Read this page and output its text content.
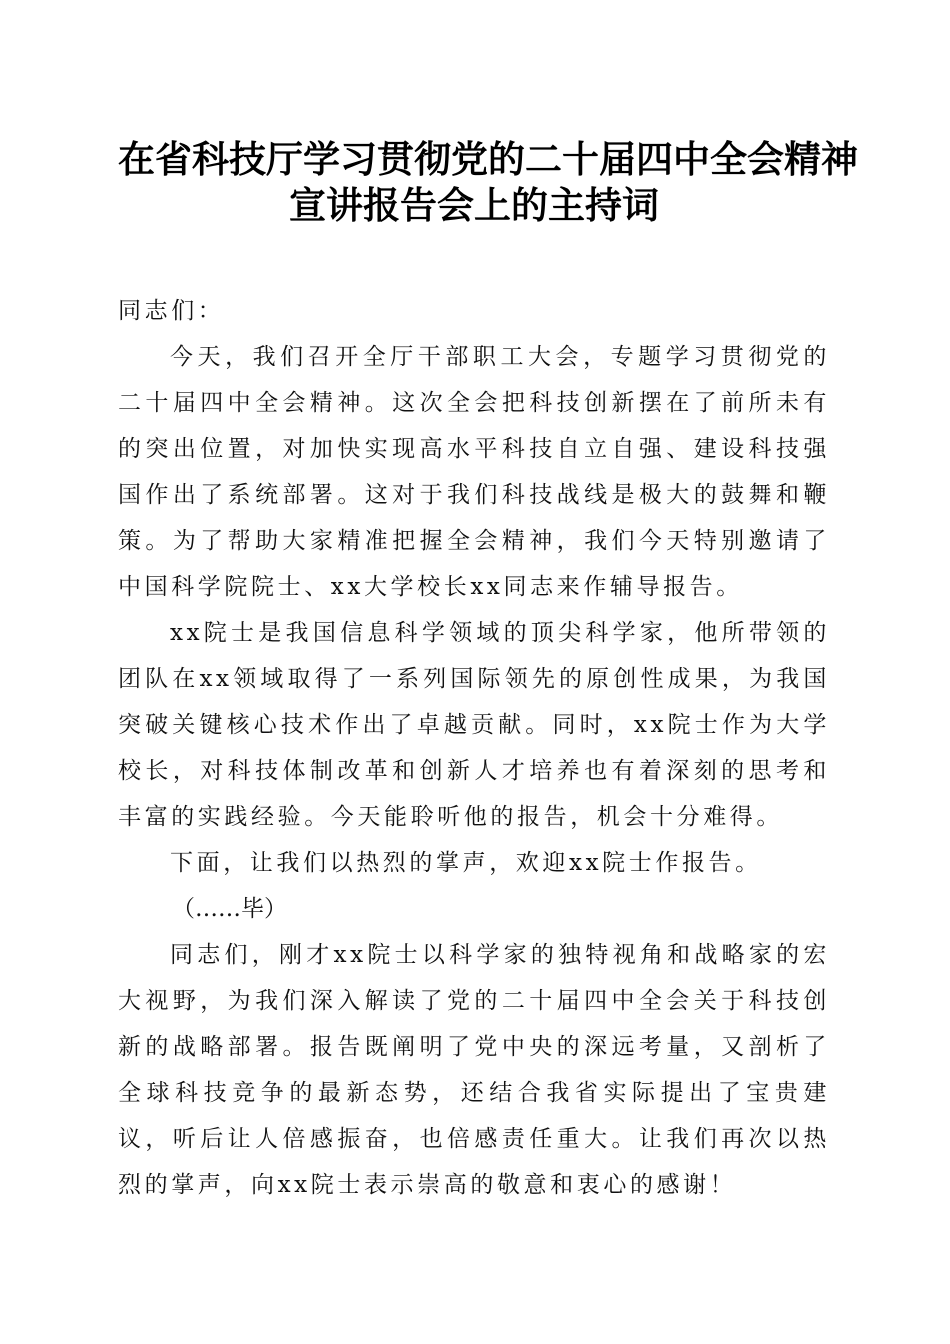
在省科技厅学习贯彻党的二十届四中全会精神
宣讲报告会上的主持词

同志们：

今天，我们召开全厅干部职工大会，专题学习贯彻党的二十届四中全会精神。这次全会把科技创新摆在了前所未有的突出位置，对加快实现高水平科技自立自强、建设科技强国作出了系统部署。这对于我们科技战线是极大的鼓舞和鞭策。为了帮助大家精准把握全会精神，我们今天特别邀请了中国科学院院士、xx大学校长xx同志来作辅导报告。

xx院士是我国信息科学领域的顶尖科学家，他所带领的团队在xx领域取得了一系列国际领先的原创性成果，为我国突破关键核心技术作出了卓越贡献。同时，xx院士作为大学校长，对科技体制改革和创新人才培养也有着深刻的思考和丰富的实践经验。今天能聆听他的报告，机会十分难得。

下面，让我们以热烈的掌声，欢迎xx院士作报告。

（……毕）

同志们，刚才xx院士以科学家的独特视角和战略家的宏大视野，为我们深入解读了党的二十届四中全会关于科技创新的战略部署。报告既阐明了党中央的深远考量，又剖析了全球科技竞争的最新态势，还结合我省实际提出了宝贵建议，听后让人倍感振奋，也倍感责任重大。让我们再次以热烈的掌声，向xx院士表示崇高的敬意和衷心的感谢！
